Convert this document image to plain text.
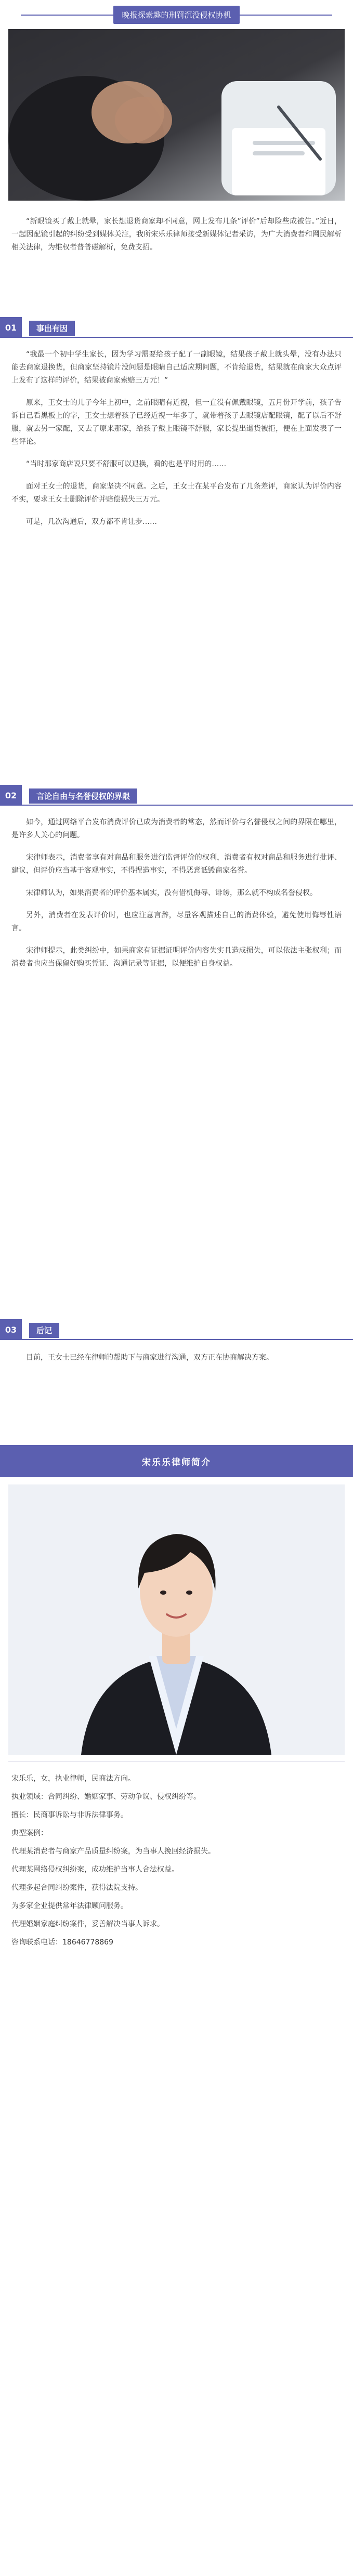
晚报探索趣的刑罚沉没侵权协机

“新眼镜买了戴上就晕，家长想退货商家却不同意，网上发布几条”评价”后却险些成被告。”近日，一起因配镜引起的纠纷受到媒体关注，我所宋乐乐律师接受新媒体记者采访，为广大消费者和网民解析相关法律，为维权者普普磁解析，免费支招。

01	事出有因

“我最一个初中学生家长，因为学习需要给孩子配了一副眼镜，结果孩子戴上就头晕，没有办法只能去商家退换货，但商家坚持镜片没问题是眼睛自己适应期问题，不肯给退货，结果就在商家大众点评上发布了这样的评价，结果被商家索赔三万元！”

原来，王女士的儿子今年上初中，之前眼睛有近视，但一直没有佩戴眼镜，五月份开学前，孩子告诉自己看黑板上的字，王女士想着孩子已经近视一年多了，就带着孩子去眼镜店配眼镜，配了以后不舒服，就去另一家配，又去了原来那家，给孩子戴上眼镜不舒服，家长提出退货被拒，便在上面发表了一些评论。

“当时那家商店说只要不舒服可以退换，看的也是平时用的……

面对王女士的退货，商家坚决不同意。之后，王女士在某平台发布了几条差评，商家认为评价内容不实，要求王女士删除评价并赔偿损失三万元。

可是，几次沟通后，双方都不肯让步……

02	言论自由与名誉侵权的界限

如今，通过网络平台发布消费评价已成为消费者的常态，然而评价与名誉侵权之间的界限在哪里，是许多人关心的问题。

宋律师表示，消费者享有对商品和服务进行监督评价的权利，消费者有权对商品和服务进行批评、建议，但评价应当基于客观事实，不得捏造事实，不得恶意诋毁商家名誉。

宋律师认为，如果消费者的评价基本属实，没有借机侮辱、诽谤，那么就不构成名誉侵权。

另外，消费者在发表评价时，也应注意言辞，尽量客观描述自己的消费体验，避免使用侮辱性语言。

宋律师提示，此类纠纷中，如果商家有证据证明评价内容失实且造成损失，可以依法主张权利；而消费者也应当保留好购买凭证、沟通记录等证据，以便维护自身权益。

03	后记

目前，王女士已经在律师的帮助下与商家进行沟通，双方正在协商解决方案。

宋乐乐律师简介

宋乐乐，女，执业律师，民商法方向。

执业领域：合同纠纷、婚姻家事、劳动争议、侵权纠纷等。

擅长：民商事诉讼与非诉法律事务。

典型案例：

代理某消费者与商家产品质量纠纷案，为当事人挽回经济损失。

代理某网络侵权纠纷案，成功维护当事人合法权益。

代理多起合同纠纷案件，获得法院支持。

为多家企业提供常年法律顾问服务。

代理婚姻家庭纠纷案件，妥善解决当事人诉求。

咨询联系电话：18646778869
